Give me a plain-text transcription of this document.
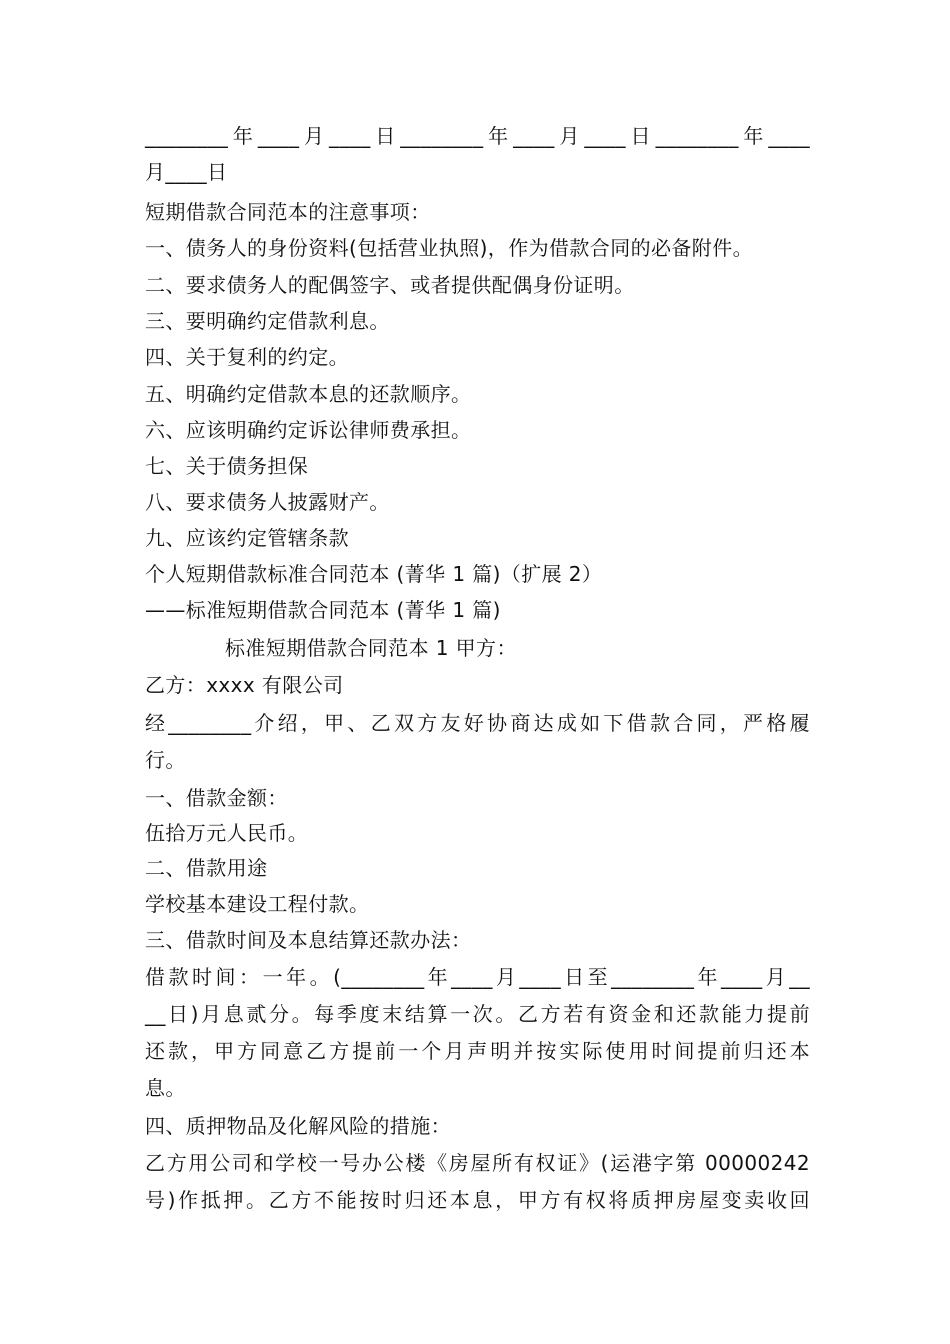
________年____月____日________年____月____日________年____
月____日
短期借款合同范本的注意事项：
一、债务人的身份资料(包括营业执照)，作为借款合同的必备附件。
二、要求债务人的配偶签字、或者提供配偶身份证明。
三、要明确约定借款利息。
四、关于复利的约定。
五、明确约定借款本息的还款顺序。
六、应该明确约定诉讼律师费承担。
七、关于债务担保
八、要求债务人披露财产。
九、应该约定管辖条款
个人短期借款标准合同范本 (菁华 1 篇)（扩展 2）
——标准短期借款合同范本 (菁华 1 篇)
标准短期借款合同范本 1 甲方：
乙方：xxxx 有限公司
经________介绍，甲、乙双方友好协商达成如下借款合同，严格履
行。
一、借款金额：
伍拾万元人民币。
二、借款用途
学校基本建设工程付款。
三、借款时间及本息结算还款办法：
借款时间：一年。(________年____月____日至________年____月__
__日)月息贰分。每季度末结算一次。乙方若有资金和还款能力提前
还款，甲方同意乙方提前一个月声明并按实际使用时间提前归还本
息。
四、质押物品及化解风险的措施：
乙方用公司和学校一号办公楼《房屋所有权证》(运港字第 00000242
号)作抵押。乙方不能按时归还本息，甲方有权将质押房屋变卖收回
